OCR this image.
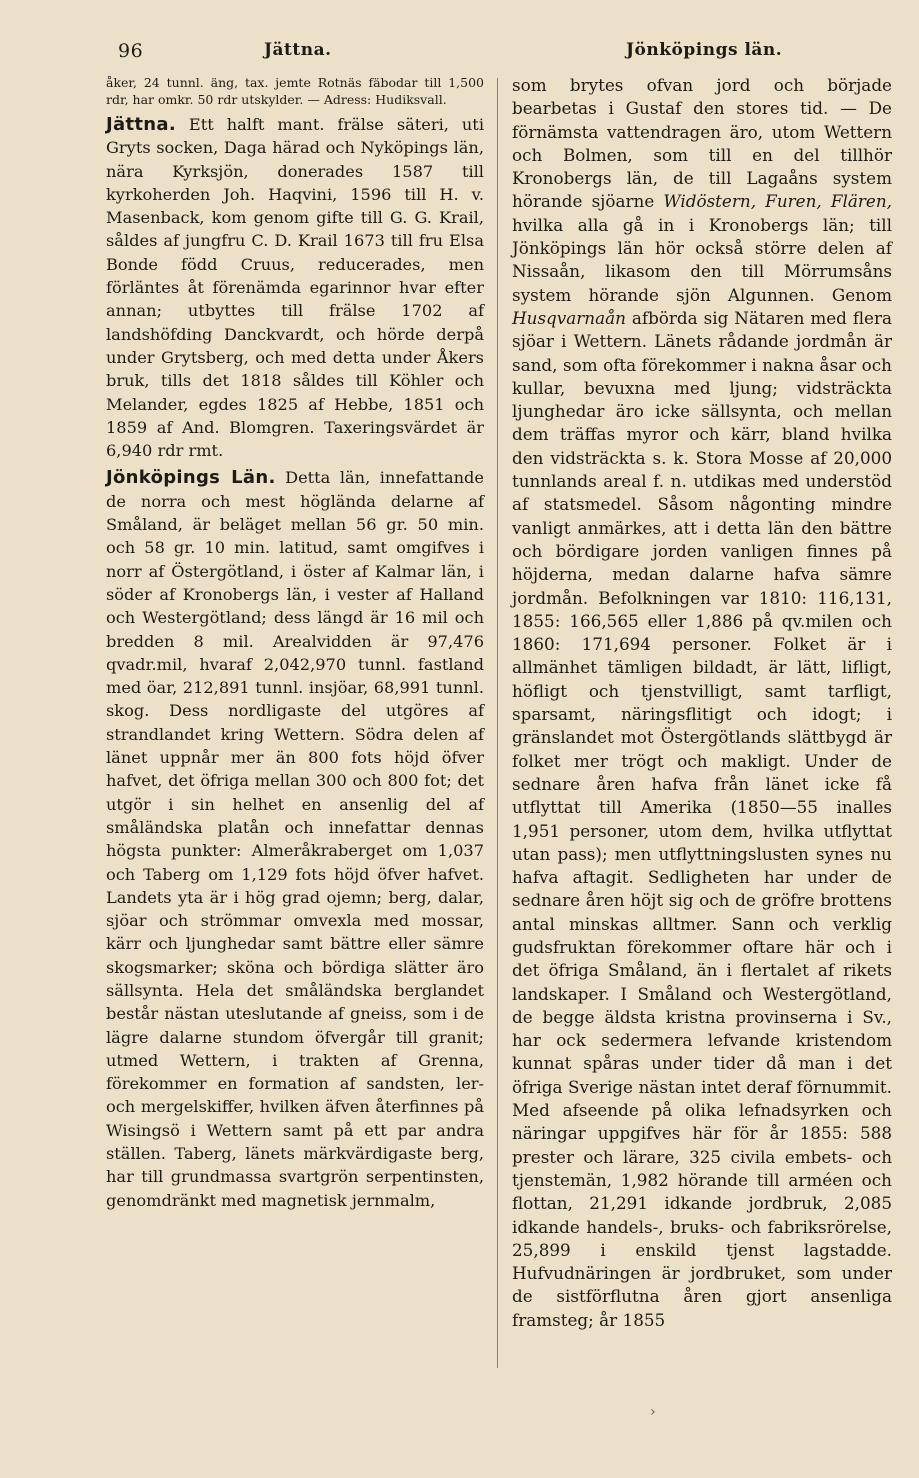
96	Jättna.	Jönköpings län.

åker, 24 tunnl. äng, tax. jemte Rotnäs fäbodar till 1,500 rdr, har omkr. 50 rdr utskylder. — Adress: Hudiksvall.

Jättna. Ett halft mant. frälse säteri, uti Gryts socken, Daga härad och Nyköpings län, nära Kyrksjön, donerades 1587 till kyrkoherden Joh. Haqvini, 1596 till H. v. Masenback, kom genom gifte till G. G. Krail, såldes af jungfru C. D. Krail 1673 till fru Elsa Bonde född Cruus, reducerades, men förläntes åt förenämda egarinnor hvar efter annan; utbyttes till frälse 1702 af landshöfding Danckvardt, och hörde derpå under Grytsberg, och med detta under Åkers bruk, tills det 1818 såldes till Köhler och Melander, egdes 1825 af Hebbe, 1851 och 1859 af And. Blomgren. Taxeringsvärdet är 6,940 rdr rmt.

Jönköpings Län. Detta län, innefattande de norra och mest höglända delarne af Småland, är beläget mellan 56 gr. 50 min. och 58 gr. 10 min. latitud, samt omgifves i norr af Östergötland, i öster af Kalmar län, i söder af Kronobergs län, i vester af Halland och Westergötland; dess längd är 16 mil och bredden 8 mil. Arealvidden är 97,476 qvadr.mil, hvaraf 2,042,970 tunnl. fastland med öar, 212,891 tunnl. insjöar, 68,991 tunnl. skog. Dess nordligaste del utgöres af strandlandet kring Wettern. Södra delen af länet uppnår mer än 800 fots höjd öfver hafvet, det öfriga mellan 300 och 800 fot; det utgör i sin helhet en ansenlig del af småländska platån och innefattar dennas högsta punkter: Almeråkraberget om 1,037 och Taberg om 1,129 fots höjd öfver hafvet. Landets yta är i hög grad ojemn; berg, dalar, sjöar och strömmar omvexla med mossar, kärr och ljunghedar samt bättre eller sämre skogsmarker; sköna och bördiga slätter äro sällsynta. Hela det småländska berglandet består nästan uteslutande af gneiss, som i de lägre dalarne stundom öfvergår till granit; utmed Wettern, i trakten af Grenna, förekommer en formation af sandsten, ler- och mergelskiffer, hvilken äfven återfinnes på Wisingsö i Wettern samt på ett par andra ställen. Taberg, länets märkvärdigaste berg, har till grundmassa svartgrön serpentinsten, genomdränkt med magnetisk jernmalm,

som brytes ofvan jord och började bearbetas i Gustaf den stores tid. — De förnämsta vattendragen äro, utom Wettern och Bolmen, som till en del tillhör Kronobergs län, de till Lagaåns system hörande sjöarne Widöstern, Furen, Flären, hvilka alla gå in i Kronobergs län; till Jönköpings län hör också större delen af Nissaån, likasom den till Mörrumsåns system hörande sjön Algunnen. Genom Husqvarnaån afbörda sig Nätaren med flera sjöar i Wettern. Länets rådande jordmån är sand, som ofta förekommer i nakna åsar och kullar, bevuxna med ljung; vidsträckta ljunghedar äro icke sällsynta, och mellan dem träffas myror och kärr, bland hvilka den vidsträckta s. k. Stora Mosse af 20,000 tunnlands areal f. n. utdikas med understöd af statsmedel. Såsom någonting mindre vanligt anmärkes, att i detta län den bättre och bördigare jorden vanligen finnes på höjderna, medan dalarne hafva sämre jordmån. Befolkningen var 1810: 116,131, 1855: 166,565 eller 1,886 på qv.milen och 1860: 171,694 personer. Folket är i allmänhet tämligen bildadt, är lätt, lifligt, höfligt och tjenstvilligt, samt tarfligt, sparsamt, näringsflitigt och idogt; i gränslandet mot Östergötlands slättbygd är folket mer trögt och makligt. Under de sednare åren hafva från länet icke få utflyttat till Amerika (1850—55 inalles 1,951 personer, utom dem, hvilka utflyttat utan pass); men utflyttningslusten synes nu hafva aftagit. Sedligheten har under de sednare åren höjt sig och de gröfre brottens antal minskas alltmer. Sann och verklig gudsfruktan förekommer oftare här och i det öfriga Småland, än i flertalet af rikets landskaper. I Småland och Westergötland, de begge äldsta kristna provinserna i Sv., har ock sedermera lefvande kristendom kunnat spåras under tider då man i det öfriga Sverige nästan intet deraf förnummit. Med afseende på olika lefnadsyrken och näringar uppgifves här för år 1855: 588 prester och lärare, 325 civila embets- och tjenstemän, 1,982 hörande till arméen och flottan, 21,291 idkande jordbruk, 2,085 idkande handels-, bruks- och fabriksrörelse, 25,899 i enskild tjenst lagstadde. Hufvudnäringen är jordbruket, som under de sistförflutna åren gjort ansenliga framsteg; år 1855

›
